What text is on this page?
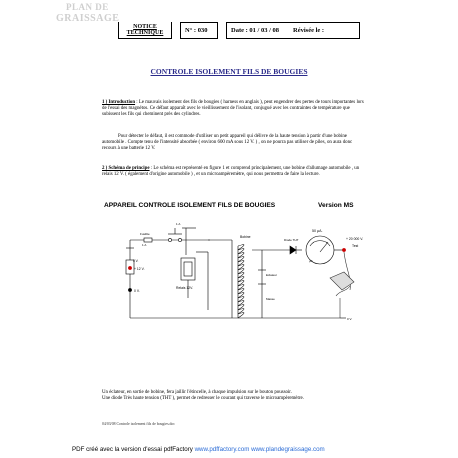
PLAN DE
GRAISSAGE
NOTICE TECHNIQUE	N° : 030	Date : 01 / 03 / 08 Révisée le :
CONTROLE ISOLEMENT FILS DE BOUGIES
1 ) Introduction : Le mauvais isolement des fils de bougies ( harness en anglais ), peut engendrer des pertes de tours importantes lors de l'essai des magnétos. Ce défaut apparaît avec le vieillissement de l'isolant, conjugué avec les contraintes de température que subissent les fils qui cheminent près des cylindres.
Pour détecter le défaut, il est commode d'utiliser un petit appareil qui délivre de la haute tension à partir d'une bobine automobile . Compte tenu de l'intensité absorbée ( environ 600 mA sous 12 V. ) , on ne pourra pas utiliser de piles, on aura donc recours à une batterie 12 V.
2 ) Schéma de principe : Le schéma est représenté en figure 1 et comprend principalement, une bobine d'allumage automobile , un relais 12 V. ( également d'origine automobile ) , et un microampèremètre, qui nous permettra de faire la lecture.
APPAREIL CONTROLE ISOLEMENT FILS DE BOUGIES	Version MS
5 V.
+ 12 V.
0 V.
Fusible
1 A
1 A
Relais 12V.
Bobine
Eclateur
Masse
Diode THT
µA
50 µA.
+ 20 000 V.
Test
0 V.
Un éclateur, en sortie de bobine, fera jaillir l'étincelle, à chaque impulsion sur le bouton poussoir.
Une diode Très haute tension (THT ), permet de redresser le courant qui traverse le microampèremètre.
04/03/08 Controle isolement fils de bougies.doc
PDF créé avec la version d'essai pdfFactory www.pdffactory.com www.plandegraissage.com
